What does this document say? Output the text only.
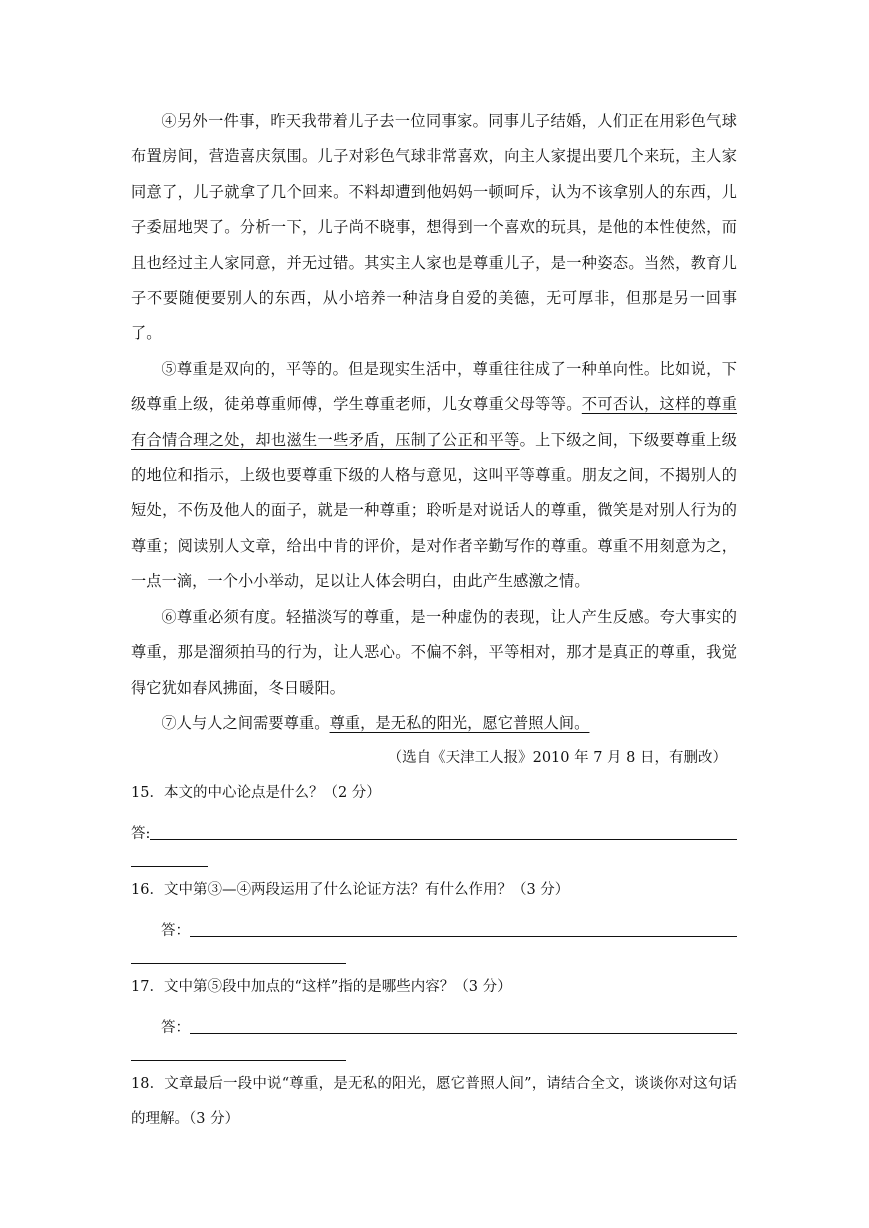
④另外一件事，昨天我带着儿子去一位同事家。同事儿子结婚，人们正在用彩色气球布置房间，营造喜庆氛围。儿子对彩色气球非常喜欢，向主人家提出要几个来玩，主人家同意了，儿子就拿了几个回来。不料却遭到他妈妈一顿呵斥，认为不该拿别人的东西，儿子委屈地哭了。分析一下，儿子尚不晓事，想得到一个喜欢的玩具，是他的本性使然，而且也经过主人家同意，并无过错。其实主人家也是尊重儿子，是一种姿态。当然，教育儿子不要随便要别人的东西，从小培养一种洁身自爱的美德，无可厚非，但那是另一回事了。

⑤尊重是双向的，平等的。但是现实生活中，尊重往往成了一种单向性。比如说，下级尊重上级，徒弟尊重师傅，学生尊重老师，儿女尊重父母等等。不可否认，这样的尊重有合情合理之处，却也滋生一些矛盾，压制了公正和平等。上下级之间，下级要尊重上级的地位和指示，上级也要尊重下级的人格与意见，这叫平等尊重。朋友之间，不揭别人的短处，不伤及他人的面子，就是一种尊重；聆听是对说话人的尊重，微笑是对别人行为的尊重；阅读别人文章，给出中肯的评价，是对作者辛勤写作的尊重。尊重不用刻意为之，一点一滴，一个小小举动，足以让人体会明白，由此产生感激之情。

⑥尊重必须有度。轻描淡写的尊重，是一种虚伪的表现，让人产生反感。夸大事实的尊重，那是溜须拍马的行为，让人恶心。不偏不斜，平等相对，那才是真正的尊重，我觉得它犹如春风拂面，冬日暖阳。

⑦人与人之间需要尊重。尊重，是无私的阳光，愿它普照人间。

（选自《天津工人报》2010 年 7 月 8 日，有删改）

15．本文的中心论点是什么？（2 分）

答:

16．文中第③—④两段运用了什么论证方法？有什么作用？（3 分）

答：

17．文中第⑤段中加点的“这样”指的是哪些内容？（3 分）

答：

18．文章最后一段中说“尊重，是无私的阳光，愿它普照人间”，请结合全文，谈谈你对这句话的理解。（3 分）
